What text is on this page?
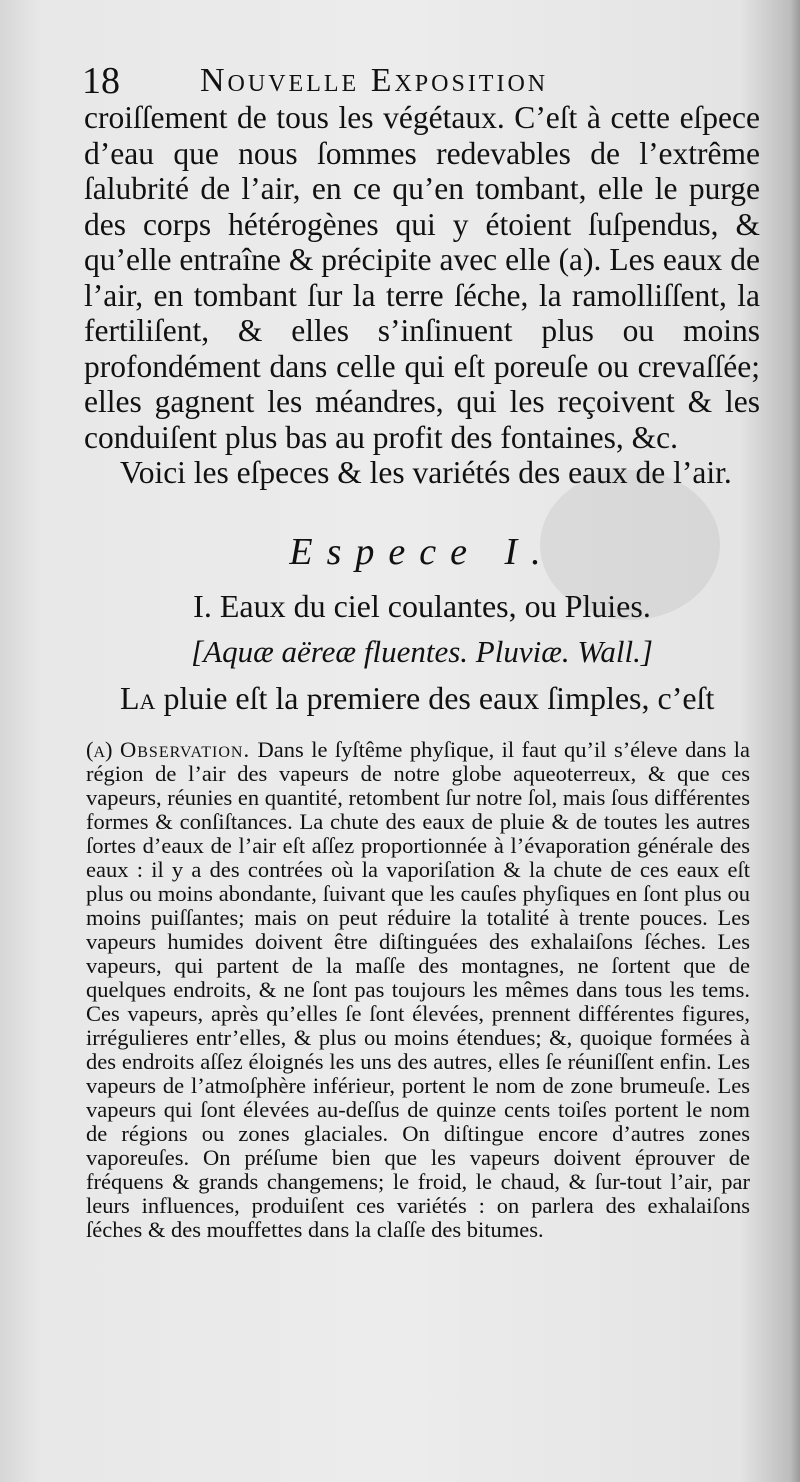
18 Nouvelle Exposition

croiſſement de tous les végétaux. C’eſt à cette eſpece d’eau que nous ſommes redevables de l’extrême ſalubrité de l’air, en ce qu’en tombant, elle le purge des corps hétérogènes qui y étoient ſuſpendus, & qu’elle entraîne & précipite avec elle (a). Les eaux de l’air, en tombant ſur la terre ſéche, la ramolliſſent, la fertiliſent, & elles s’inſinuent plus ou moins profondément dans celle qui eſt poreuſe ou crevaſſée; elles gagnent les méandres, qui les reçoivent & les conduiſent plus bas au profit des fontaines, &c.

Voici les eſpeces & les variétés des eaux de l’air.

Espece I.
I. Eaux du ciel coulantes, ou Pluies.
[Aquæ aëreæ fluentes. Pluviæ. Wall.]
La pluie eſt la premiere des eaux ſimples, c’eſt
(a) Observation. Dans le ſyſtême phyſique, il faut qu’il s’éleve dans la région de l’air des vapeurs de notre globe aqueoterreux, & que ces vapeurs, réunies en quantité, retombent ſur notre ſol, mais ſous différentes formes & conſiſtances. La chute des eaux de pluie & de toutes les autres ſortes d’eaux de l’air eſt aſſez proportionnée à l’évaporation générale des eaux : il y a des contrées où la vaporiſation & la chute de ces eaux eſt plus ou moins abondante, ſuivant que les cauſes phyſiques en ſont plus ou moins puiſſantes; mais on peut réduire la totalité à trente pouces. Les vapeurs humides doivent être diſtinguées des exhalaiſons ſéches. Les vapeurs, qui partent de la maſſe des montagnes, ne ſortent que de quelques endroits, & ne ſont pas toujours les mêmes dans tous les tems. Ces vapeurs, après qu’elles ſe ſont élevées, prennent différentes figures, irrégulieres entr’elles, & plus ou moins étendues; &, quoique formées à des endroits aſſez éloignés les uns des autres, elles ſe réuniſſent enfin. Les vapeurs de l’atmoſphère inférieur, portent le nom de zone brumeuſe. Les vapeurs qui ſont élevées au-deſſus de quinze cents toiſes portent le nom de régions ou zones glaciales. On diſtingue encore d’autres zones vaporeuſes. On préſume bien que les vapeurs doivent éprouver de fréquens & grands changemens; le froid, le chaud, & ſur-tout l’air, par leurs influences, produiſent ces variétés : on parlera des exhalaiſons ſéches & des mouffettes dans la claſſe des bitumes.
